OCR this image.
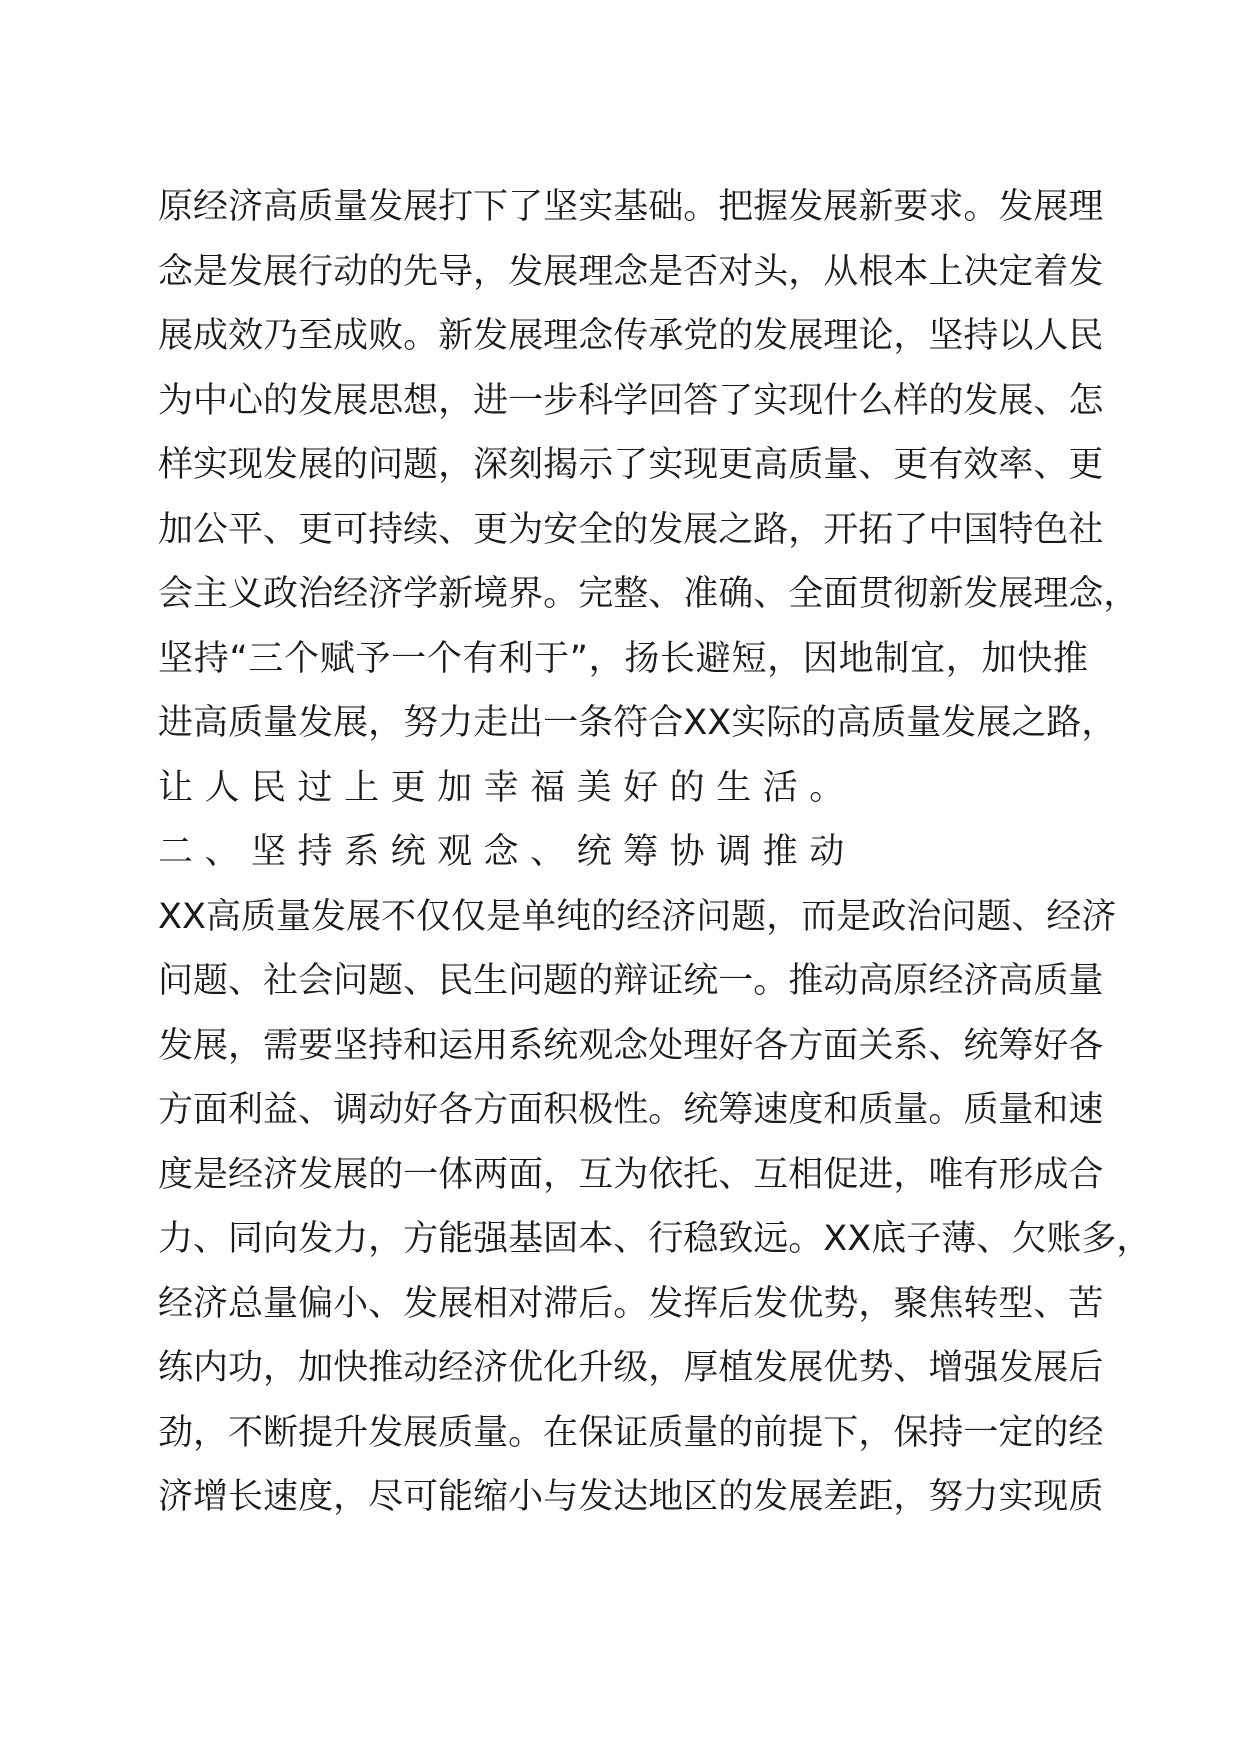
原 经 济 高 质 量 发 展 打 下 了 坚 实 基 础 。 把 握 发 展 新 要 求 。 发 展 理
念 是 发 展 行 动 的 先 导 ， 发 展 理 念 是 否 对 头 ， 从 根 本 上 决 定 着 发
展 成 效 乃 至 成 败 。 新 发 展 理 念 传 承 党 的 发 展 理 论 ， 坚 持 以 人 民
为 中 心 的 发 展 思 想 ， 进 一 步 科 学 回 答 了 实 现 什 么 样 的 发 展 、 怎
样 实 现 发 展 的 问 题 ， 深 刻 揭 示 了 实 现 更 高 质 量 、 更 有 效 率 、 更
加 公 平 、 更 可 持 续 、 更 为 安 全 的 发 展 之 路 ， 开 拓 了 中 国 特 色 社
会 主 义 政 治 经 济 学 新 境 界 。 完 整 、 准 确 、 全 面 贯 彻 新 发 展 理 念 ，
坚 持 “ 三 个 赋 予 一 个 有 利 于 ” ， 扬 长 避 短 ， 因 地 制 宜 ， 加 快 推
进 高 质 量 发 展 ， 努 力 走 出 一 条 符 合 XX 实 际 的 高 质 量 发 展 之 路 ，
让 人 民 过 上 更 加 幸 福 美 好 的 生 活 。
二 、 坚 持 系 统 观 念 、 统 筹 协 调 推 动
XX 高 质 量 发 展 不 仅 仅 是 单 纯 的 经 济 问 题 ， 而 是 政 治 问 题 、 经 济
问 题 、 社 会 问 题 、 民 生 问 题 的 辩 证 统 一 。 推 动 高 原 经 济 高 质 量
发 展 ， 需 要 坚 持 和 运 用 系 统 观 念 处 理 好 各 方 面 关 系 、 统 筹 好 各
方 面 利 益 、 调 动 好 各 方 面 积 极 性 。 统 筹 速 度 和 质 量 。 质 量 和 速
度 是 经 济 发 展 的 一 体 两 面 ， 互 为 依 托 、 互 相 促 进 ， 唯 有 形 成 合
力 、 同 向 发 力 ， 方 能 强 基 固 本 、 行 稳 致 远 。 XX 底 子 薄 、 欠 账 多 ，
经 济 总 量 偏 小 、 发 展 相 对 滞 后 。 发 挥 后 发 优 势 ， 聚 焦 转 型 、 苦
练 内 功 ， 加 快 推 动 经 济 优 化 升 级 ， 厚 植 发 展 优 势 、 增 强 发 展 后
劲 ， 不 断 提 升 发 展 质 量 。 在 保 证 质 量 的 前 提 下 ， 保 持 一 定 的 经
济 增 长 速 度 ， 尽 可 能 缩 小 与 发 达 地 区 的 发 展 差 距 ， 努 力 实 现 质
